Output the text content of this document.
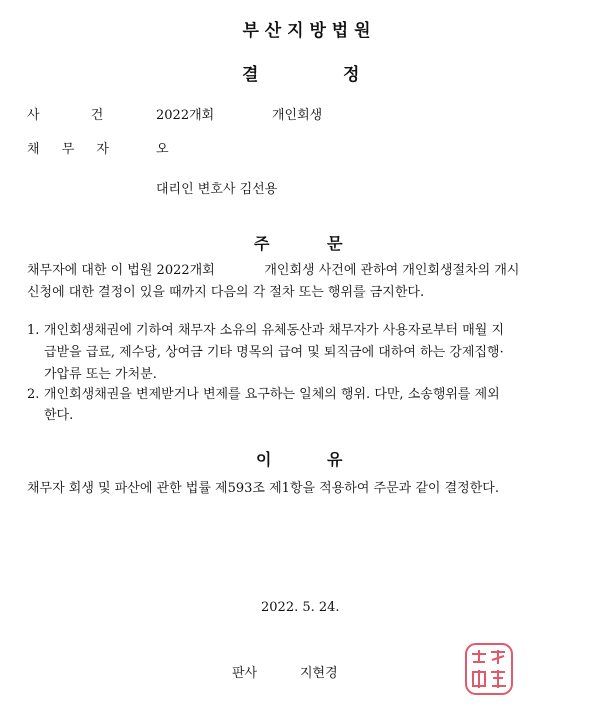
부 산 지 방 법 원
결	정
사 건	2022개회	개인회생
채 무 자	오
대리인 변호사 김선용
주	문
채무자에 대한 이 법원 2022개회            개인회생 사건에 관하여 개인회생절차의 개시
신청에 대한 결정이 있을 때까지 다음의 각 절차 또는 행위를 금지한다.
1. 개인회생채권에 기하여 채무자 소유의 유체동산과 채무자가 사용자로부터 매월 지
급받을 급료, 제수당, 상여금 기타 명목의 급여 및 퇴직금에 대하여 하는 강제집행·
가압류 또는 가처분.
2. 개인회생채권을 변제받거나 변제를 요구하는 일체의 행위. 다만, 소송행위를 제외
한다.
이	유
채무자 회생 및 파산에 관한 법률 제593조 제1항을 적용하여 주문과 같이 결정한다.
2022. 5. 24.
판사	지현경
